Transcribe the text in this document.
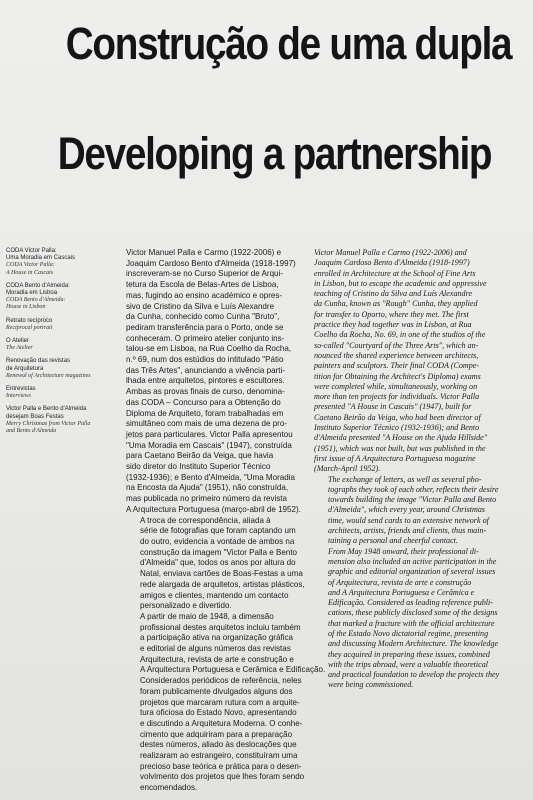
Construção de uma dupla
Developing a partnership
CODA Victor Palla:
Uma Moradia em Cascais
CODA Victor Palla:
A House in Cascais
CODA Bento d'Almeida:
Moradia em Lisboa
CODA Bento d'Almeida:
House in Lisbon
Retrato recíproco
Reciprocal portrait
O Atelier
The Atelier
Renovação das revistas
de Arquitetura
Renewal of Architecture magazines
Entrevistas
Interviews
Victor Palla e Bento d'Almeida
desejam Boas Festas
Merry Christmas from Victor Palla
and Bento d'Almeida

Victor Manuel Palla e Carmo (1922-2006) e
Joaquim Cardoso Bento d'Almeida (1918-1997)
inscreveram-se no Curso Superior de Arqui-
tetura da Escola de Belas-Artes de Lisboa,
mas, fugindo ao ensino académico e opres-
sivo de Cristino da Silva e Luís Alexandre
da Cunha, conhecido como Cunha "Bruto",
pediram transferência para o Porto, onde se
conheceram. O primeiro atelier conjunto ins-
talou-se em Lisboa, na Rua Coelho da Rocha,
n.º 69, num dos estúdios do intitulado "Pátio
das Três Artes", anunciando a vivência parti-
lhada entre arquitetos, pintores e escultores.
Ambas as provas finais de curso, denomina-
das CODA – Concurso para a Obtenção do
Diploma de Arquiteto, foram trabalhadas em
simultâneo com mais de uma dezena de pro-
jetos para particulares. Victor Palla apresentou
"Uma Moradia em Cascais" (1947), construída
para Caetano Beirão da Veiga, que havia
sido diretor do Instituto Superior Técnico
(1932-1936); e Bento d'Almeida, "Uma Moradia
na Encosta da Ajuda" (1951), não construída,
mas publicada no primeiro número da revista
A Arquitectura Portuguesa (março-abril de 1952).

A troca de correspondência, aliada à
série de fotografias que foram captando um
do outro, evidencia a vontade de ambos na
construção da imagem "Victor Palla e Bento
d'Almeida" que, todos os anos por altura do
Natal, enviava cartões de Boas-Festas a uma
rede alargada de arquitetos, artistas plásticos,
amigos e clientes, mantendo um contacto
personalizado e divertido.

A partir de maio de 1948, a dimensão
profissional destes arquitetos incluiu também
a participação ativa na organização gráfica
e editorial de alguns números das revistas
Arquitectura, revista de arte e construção e
A Arquitectura Portuguesa e Cerâmica e Edificação.
Considerados periódicos de referência, neles
foram publicamente divulgados alguns dos
projetos que marcaram rutura com a arquite-
tura oficiosa do Estado Novo, apresentando
e discutindo a Arquitetura Moderna. O conhe-
cimento que adquiriram para a preparação
destes números, aliado às deslocações que
realizaram ao estrangeiro, constituíram uma
precioso base teórica e prática para o desen-
volvimento dos projetos que lhes foram sendo
encomendados.

Victor Manuel Palla e Carmo (1922-2006) and
Joaquim Cardoso Bento d'Almeida (1918-1997)
enrolled in Architecture at the School of Fine Arts
in Lisbon, but to escape the academic and oppressive
teaching of Cristino da Silva and Luís Alexandre
da Cunha, known as "Rough" Cunha, they applied
for transfer to Oporto, where they met. The first
practice they had together was in Lisbon, at Rua
Coelho da Rocha, No. 69, in one of the studios of the
so-called "Courtyard of the Three Arts", which an-
nounced the shared experience between architects,
painters and sculptors. Their final CODA (Compe-
tition for Obtaining the Architect's Diploma) exams
were completed while, simultaneously, working on
more than ten projects for individuals. Victor Palla
presented "A House in Cascais" (1947), built for
Caetano Beirão da Veiga, who had been director of
Instituto Superior Técnico (1932-1936); and Bento
d'Almeida presented "A House on the Ajuda Hillside"
(1951), which was not built, but was published in the
first issue of A Arquitectura Portuguesa magazine
(March-April 1952).

The exchange of letters, as well as several pho-
tographs they took of each other, reflects their desire
towards building the image "Victor Palla and Bento
d'Almeida", which every year, around Christmas
time, would send cards to an extensive network of
architects, artists, friends and clients, thus main-
taining a personal and cheerful contact.

From May 1948 onward, their professional di-
mension also included an active participation in the
graphic and editorial organization of several issues
of Arquitectura, revista de arte e construção
and A Arquitectura Portuguesa e Cerâmica e
Edificação. Considered as leading reference publi-
cations, these publicly disclosed some of the designs
that marked a fracture with the official architecture
of the Estado Novo dictatorial regime, presenting
and discussing Modern Architecture. The knowledge
they acquired in preparing these issues, combined
with the trips abroad, were a valuable theoretical
and practical foundation to develop the projects they
were being commissioned.
